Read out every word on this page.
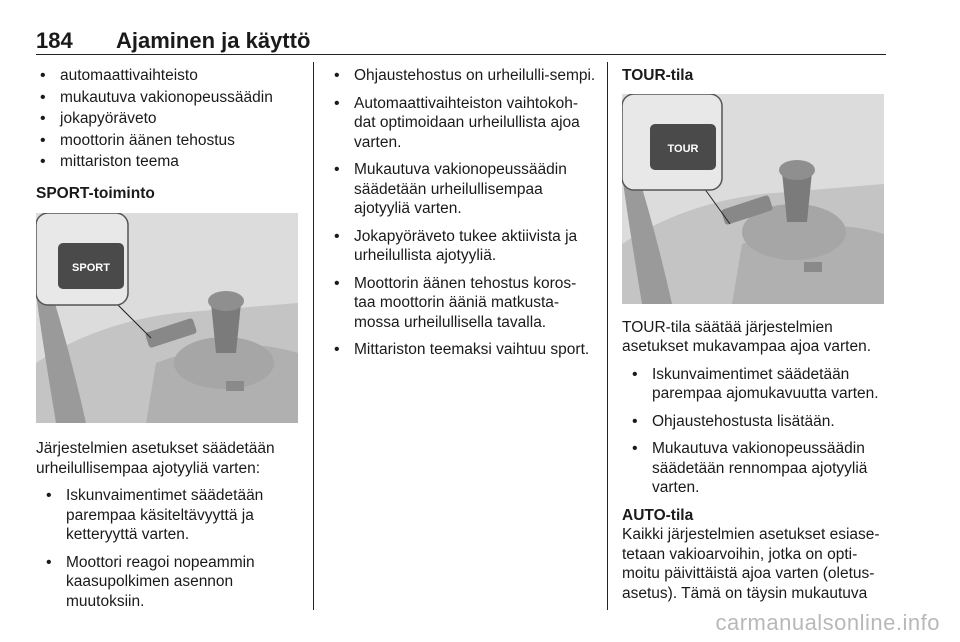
184 Ajaminen ja käyttö
• automaattivaihteisto
• mukautuva vakionopeussäädin
• jokapyöräveto
• moottorin äänen tehostus
• mittariston teema
SPORT-toiminto
SPORT
Järjestelmien asetukset säädetään urheilullisempaa ajotyyliä varten:
• Iskunvaimentimet säädetään parempaa käsiteltävyyttä ja ketteryyttä varten.
• Moottori reagoi nopeammin kaasupolkimen asennon muutoksiin.
• Ohjaustehostus on urheilulli-sempi.
• Automaattivaihteiston vaihtokoh-dat optimoidaan urheilullista ajoa varten.
• Mukautuva vakionopeussäädin säädetään urheilullisempaa ajotyyliä varten.
• Jokapyöräveto tukee aktiivista ja urheilullista ajotyyliä.
• Moottorin äänen tehostus koros-taa moottorin ääniä matkusta-mossa urheilullisella tavalla.
• Mittariston teemaksi vaihtuu sport.
TOUR-tila
TOUR
TOUR-tila säätää järjestelmien asetukset mukavampaa ajoa varten.
• Iskunvaimentimet säädetään parempaa ajomukavuutta varten.
• Ohjaustehostusta lisätään.
• Mukautuva vakionopeussäädin säädetään rennompaa ajotyyliä varten.
AUTO-tila
Kaikki järjestelmien asetukset esiase-tetaan vakioarvoihin, jotka on opti-moitu päivittäistä ajoa varten (oletus-asetus). Tämä on täysin mukautuva
carmanualsonline.info
